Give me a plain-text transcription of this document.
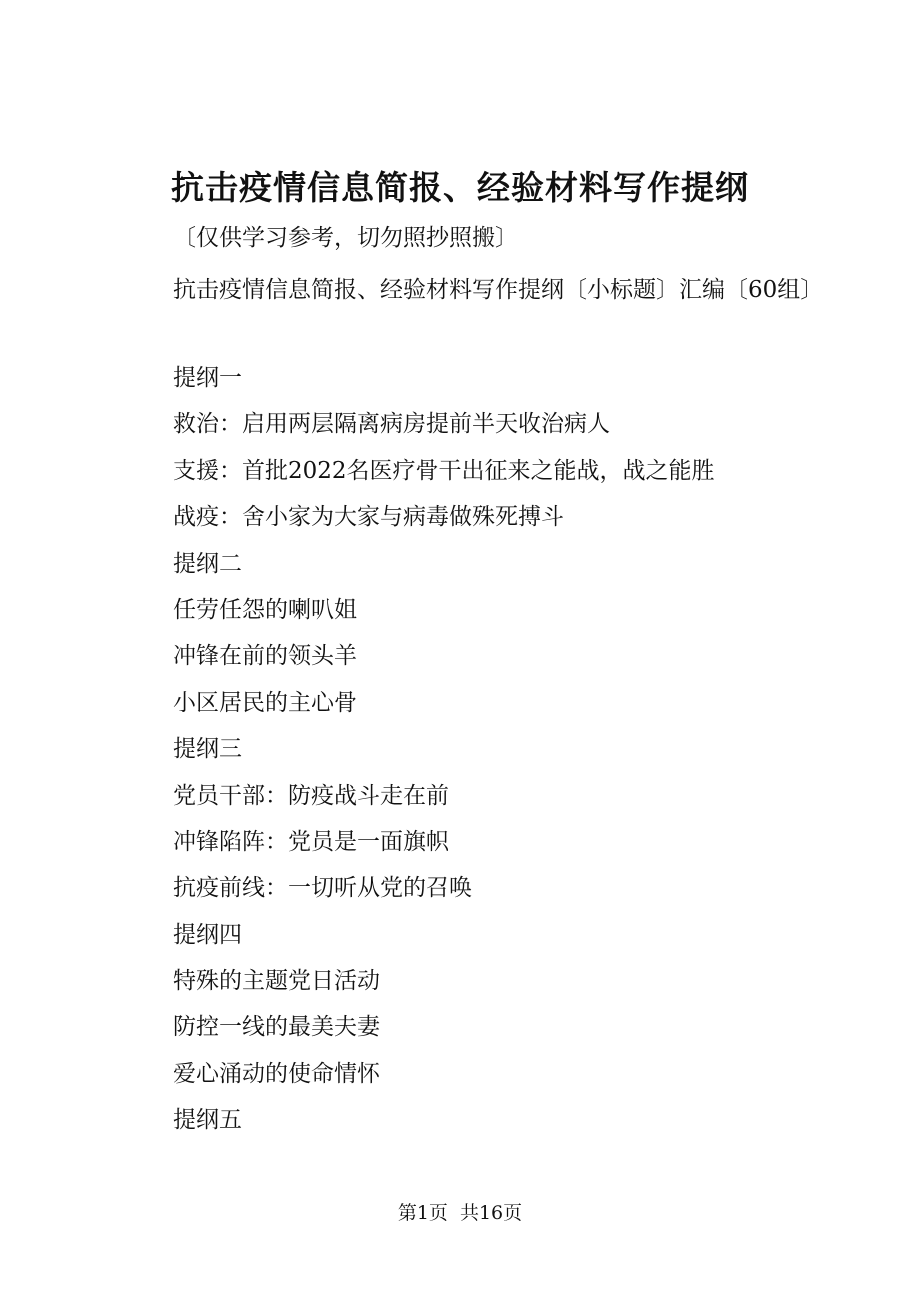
抗击疫情信息简报、经验材料写作提纲
〔仅供学习参考，切勿照抄照搬〕
抗击疫情信息简报、经验材料写作提纲〔小标题〕汇编〔60组〕
提纲一
救治：启用两层隔离病房提前半天收治病人
支援：首批2022名医疗骨干出征来之能战，战之能胜
战疫：舍小家为大家与病毒做殊死搏斗
提纲二
任劳任怨的喇叭姐
冲锋在前的领头羊
小区居民的主心骨
提纲三
党员干部：防疫战斗走在前
冲锋陷阵：党员是一面旗帜
抗疫前线：一切听从党的召唤
提纲四
特殊的主题党日活动
防控一线的最美夫妻
爱心涌动的使命情怀
提纲五
第1页 共16页
